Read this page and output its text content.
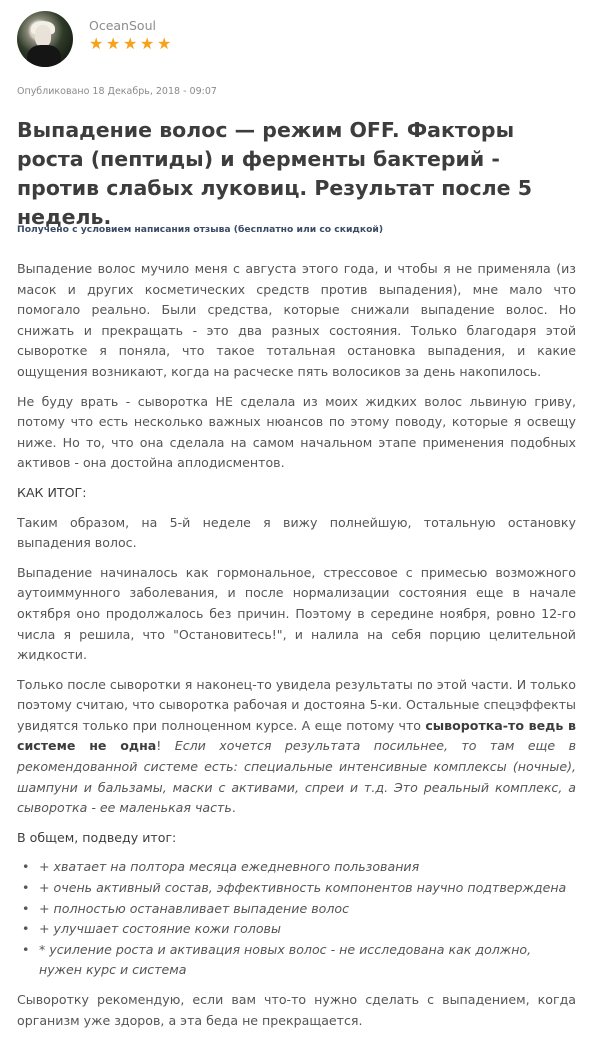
OceanSoul
★ ★ ★ ★ ★
Опубликовано 18 Декабрь, 2018 - 09:07
Выпадение волос — режим OFF. Факторы роста (пептиды) и ферменты бактерий - против слабых луковиц. Результат после 5 недель.
Получено с условием написания отзыва (бесплатно или со скидкой)

Выпадение волос мучило меня с августа этого года, и чтобы я не применяла (из масок и других косметических средств против выпадения), мне мало что помогало реально. Были средства, которые снижали выпадение волос. Но снижать и прекращать - это два разных состояния. Только благодаря этой сыворотке я поняла, что такое тотальная остановка выпадения, и какие ощущения возникают, когда на расческе пять волосиков за день накопилось.

Не буду врать - сыворотка НЕ сделала из моих жидких волос львиную гриву, потому что есть несколько важных нюансов по этому поводу, которые я освещу ниже. Но то, что она сделала на самом начальном этапе применения подобных активов - она достойна аплодисментов.

КАК ИТОГ:

Таким образом, на 5-й неделе я вижу полнейшую, тотальную остановку выпадения волос.

Выпадение начиналось как гормональное, стрессовое с примесью возможного аутоиммунного заболевания, и после нормализации состояния еще в начале октября оно продолжалось без причин. Поэтому в середине ноября, ровно 12-го числа я решила, что "Остановитесь!", и налила на себя порцию целительной жидкости.

Только после сыворотки я наконец-то увидела результаты по этой части. И только поэтому считаю, что сыворотка рабочая и достояна 5-ки. Остальные спецэффекты увидятся только при полноценном курсе. А еще потому что сыворотка-то ведь в системе не одна! Если хочется результата посильнее, то там еще в рекомендованной системе есть: специальные интенсивные комплексы (ночные), шампуни и бальзамы, маски с активами, спреи и т.д. Это реальный комплекс, а сыворотка - ее маленькая часть.

В общем, подведу итог:

• + хватает на полтора месяца ежедневного пользования
• + очень активный состав, эффективность компонентов научно подтверждена
• + полностью останавливает выпадение волос
• + улучшает состояние кожи головы
• * усиление роста и активация новых волос - не исследована как должно, нужен курс и система

Сыворотку рекомендую, если вам что-то нужно сделать с выпадением, когда организм уже здоров, а эта беда не прекращается.
